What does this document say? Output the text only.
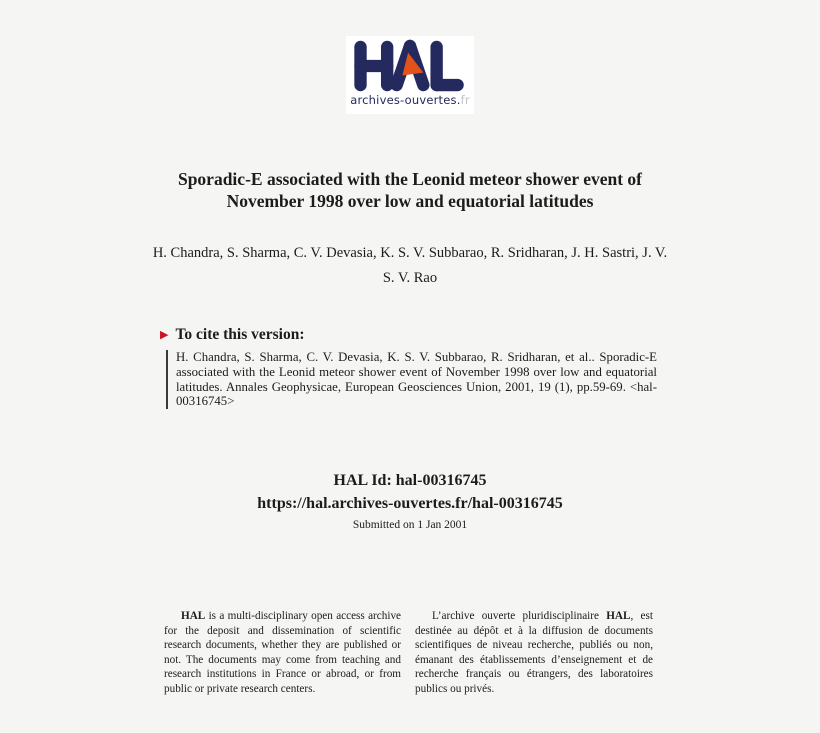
archives-ouvertes.fr
Sporadic-E associated with the Leonid meteor shower event of November 1998 over low and equatorial latitudes
H. Chandra, S. Sharma, C. V. Devasia, K. S. V. Subbarao, R. Sridharan, J. H. Sastri, J. V. S. V. Rao
▶ To cite this version:
H. Chandra, S. Sharma, C. V. Devasia, K. S. V. Subbarao, R. Sridharan, et al.. Sporadic-E associated with the Leonid meteor shower event of November 1998 over low and equatorial latitudes. Annales Geophysicae, European Geosciences Union, 2001, 19 (1), pp.59-69. <hal-00316745>
HAL Id: hal-00316745
https://hal.archives-ouvertes.fr/hal-00316745
Submitted on 1 Jan 2001

HAL is a multi-disciplinary open access archive for the deposit and dissemination of scientific research documents, whether they are published or not. The documents may come from teaching and research institutions in France or abroad, or from public or private research centers.

L’archive ouverte pluridisciplinaire HAL, est destinée au dépôt et à la diffusion de documents scientifiques de niveau recherche, publiés ou non, émanant des établissements d’enseignement et de recherche français ou étrangers, des laboratoires publics ou privés.
